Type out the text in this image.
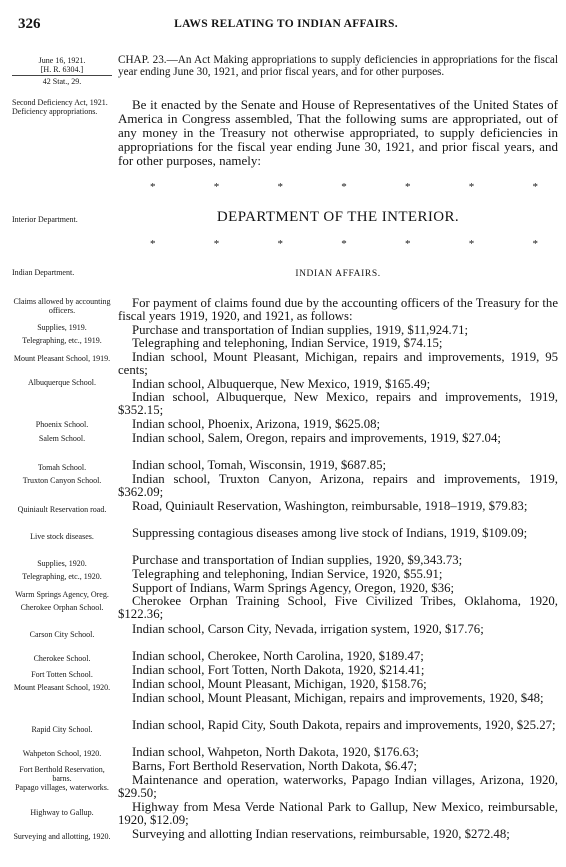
326	LAWS RELATING TO INDIAN AFFAIRS.
June 16, 1921.
[H. R. 6304.]
42 Stat., 29.
CHAP. 23.—An Act Making appropriations to supply deficiencies in appropriations for the fiscal year ending June 30, 1921, and prior fiscal years, and for other purposes.
Second Deficiency Act, 1921.
Deficiency appropriations.	Be it enacted by the Senate and House of Representatives of the United States of America in Congress assembled, That the following sums are appropriated, out of any money in the Treasury not otherwise appropriated, to supply deficiencies in appropriations for the fiscal year ending June 30, 1921, and prior fiscal years, and for other purposes, namely:
*	*	*	*	*	*	*
Interior Department.	DEPARTMENT OF THE INTERIOR.
*	*	*	*	*	*	*
Indian Department.	INDIAN AFFAIRS.
Claims allowed by accounting officers.
Supplies, 1919.
Telegraphing, etc., 1919.
Mount Pleasant School, 1919.
Albuquerque School.
Phoenix School.
Salem School.
Tomah School.
Truxton Canyon School.
Quiniault Reservation road.
Live stock diseases.
Supplies, 1920.
Telegraphing, etc., 1920.
Warm Springs Agency, Oreg.
Cherokee Orphan School.
Carson City School.
Cherokee School.
Fort Totten School.
Mount Pleasant School, 1920.
Rapid City School.
Wahpeton School, 1920.
Fort Berthold Reservation, barns.
Papago villages, waterworks.
Highway to Gallup.
Surveying and allotting, 1920.
For payment of claims found due by the accounting officers of the Treasury for the fiscal years 1919, 1920, and 1921, as follows:
Purchase and transportation of Indian supplies, 1919, $11,924.71;
Telegraphing and telephoning, Indian Service, 1919, $74.15;
Indian school, Mount Pleasant, Michigan, repairs and improvements, 1919, 95 cents;
Indian school, Albuquerque, New Mexico, 1919, $165.49;
Indian school, Albuquerque, New Mexico, repairs and improvements, 1919, $352.15;
Indian school, Phoenix, Arizona, 1919, $625.08;
Indian school, Salem, Oregon, repairs and improvements, 1919, $27.04;
Indian school, Tomah, Wisconsin, 1919, $687.85;
Indian school, Truxton Canyon, Arizona, repairs and improvements, 1919, $362.09;
Road, Quiniault Reservation, Washington, reimbursable, 1918–1919, $79.83;
Suppressing contagious diseases among live stock of Indians, 1919, $109.09;
Purchase and transportation of Indian supplies, 1920, $9,343.73;
Telegraphing and telephoning, Indian Service, 1920, $55.91;
Support of Indians, Warm Springs Agency, Oregon, 1920, $36;
Cherokee Orphan Training School, Five Civilized Tribes, Oklahoma, 1920, $122.36;
Indian school, Carson City, Nevada, irrigation system, 1920, $17.76;
Indian school, Cherokee, North Carolina, 1920, $189.47;
Indian school, Fort Totten, North Dakota, 1920, $214.41;
Indian school, Mount Pleasant, Michigan, 1920, $158.76;
Indian school, Mount Pleasant, Michigan, repairs and improvements, 1920, $48;
Indian school, Rapid City, South Dakota, repairs and improvements, 1920, $25.27;
Indian school, Wahpeton, North Dakota, 1920, $176.63;
Barns, Fort Berthold Reservation, North Dakota, $6.47;
Maintenance and operation, waterworks, Papago Indian villages, Arizona, 1920, $29.50;
Highway from Mesa Verde National Park to Gallup, New Mexico, reimbursable, 1920, $12.09;
Surveying and allotting Indian reservations, reimbursable, 1920, $272.48;
